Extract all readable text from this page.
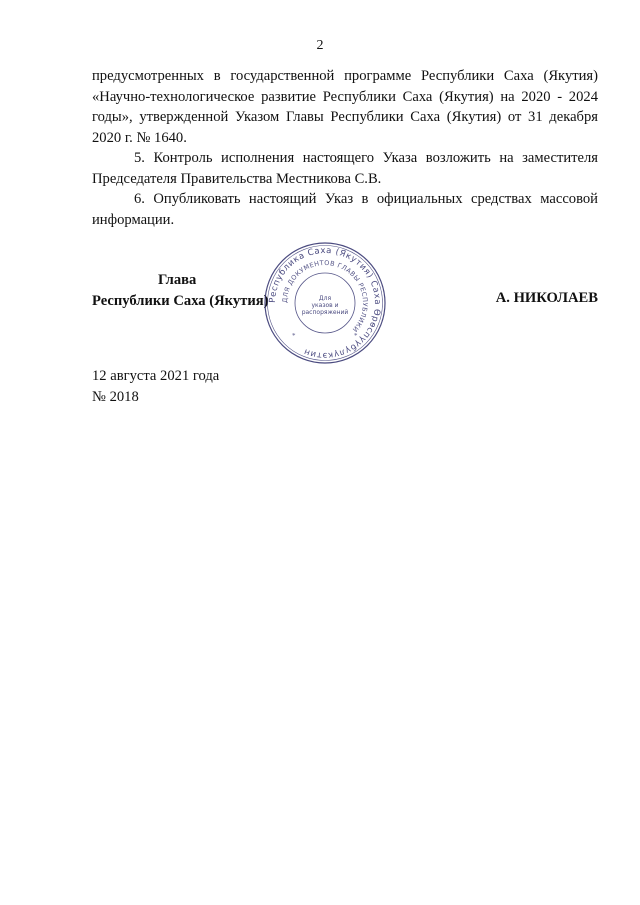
2

предусмотренных в государственной программе Республики Саха (Якутия) «Научно-технологическое развитие Республики Саха (Якутия) на 2020 - 2024 годы», утвержденной Указом Главы Республики Саха (Якутия) от 31 декабря 2020 г. № 1640.

5. Контроль исполнения настоящего Указа возложить на заместителя Председателя Правительства Местникова С.В.

6. Опубликовать настоящий Указ в официальных средствах массовой информации.

Глава
Республики Саха (Якутия) Республика Саха (Якутия) Саха Өрөспүүбүлүкэтин
ДЛЯ ДОКУМЕНТОВ ГЛАВЫ РЕСПУБЛИКИ
Для
указов и
распоряжений
*	*
А. НИКОЛАЕВ
12 августа 2021 года
№ 2018
